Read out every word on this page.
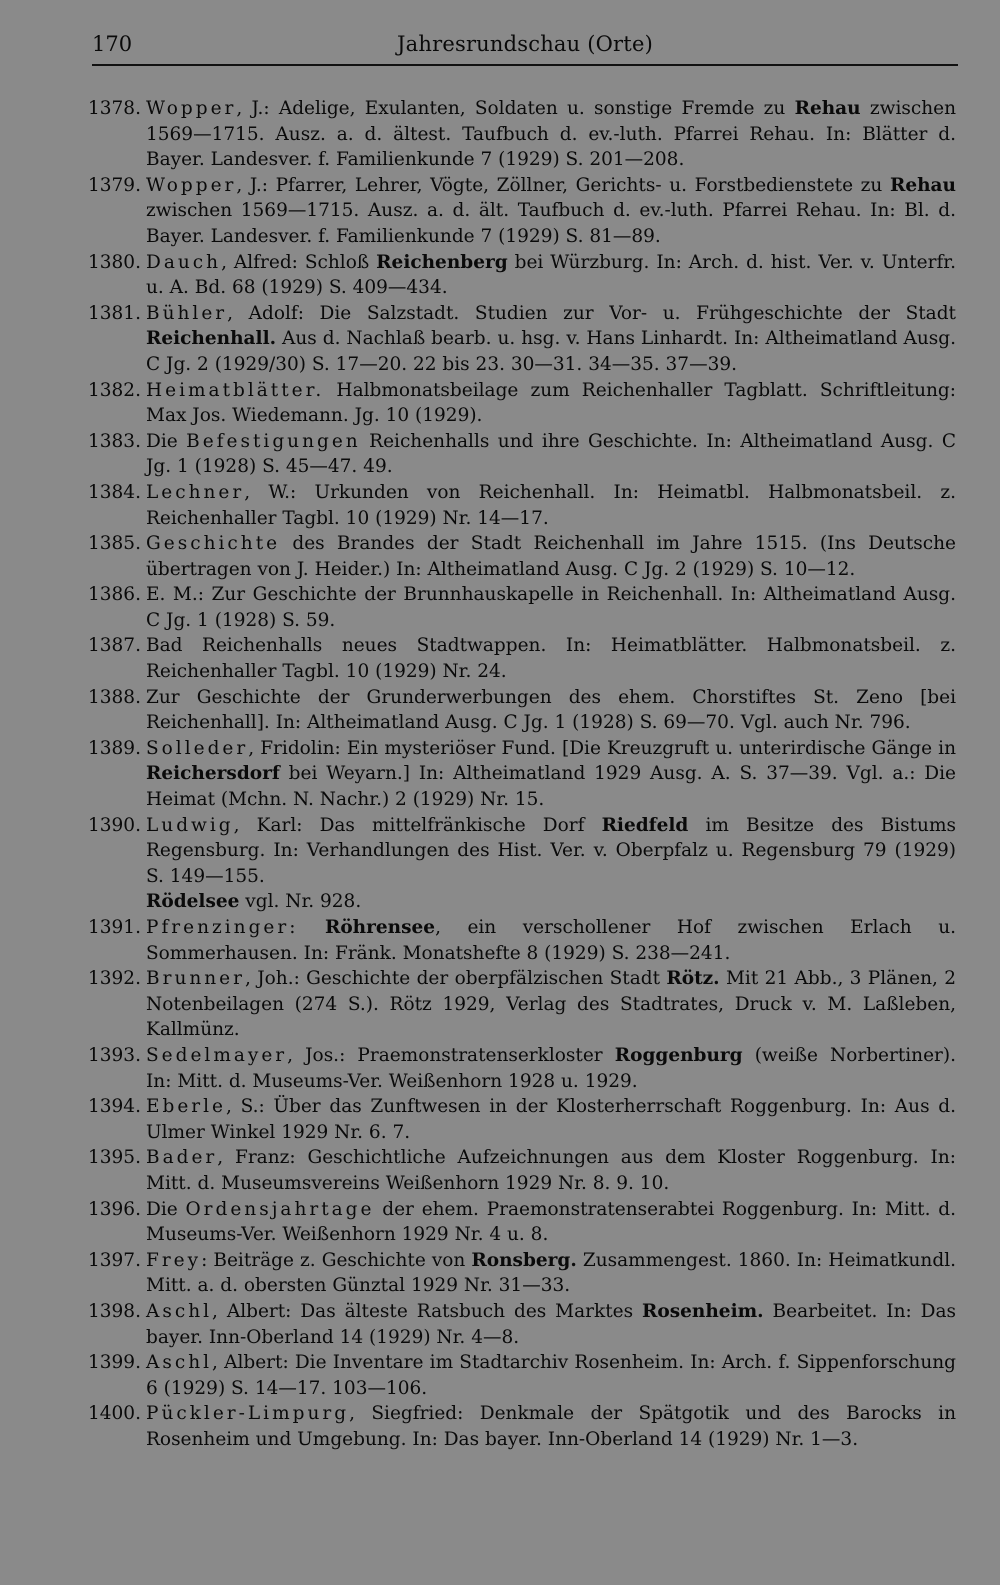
170	Jahresrundschau (Orte)
1378. Wopper, J.: Adelige, Exulanten, Soldaten u. sonstige Fremde zu Rehau zwischen 1569—1715. Ausz. a. d. ältest. Taufbuch d. ev.-luth. Pfarrei Rehau. In: Blätter d. Bayer. Landesver. f. Familienkunde 7 (1929) S. 201—208.
1379. Wopper, J.: Pfarrer, Lehrer, Vögte, Zöllner, Gerichts- u. Forstbedienstete zu Rehau zwischen 1569—1715. Ausz. a. d. ält. Taufbuch d. ev.-luth. Pfarrei Rehau. In: Bl. d. Bayer. Landesver. f. Familienkunde 7 (1929) S. 81—89.
1380. Dauch, Alfred: Schloß Reichenberg bei Würzburg. In: Arch. d. hist. Ver. v. Unterfr. u. A. Bd. 68 (1929) S. 409—434.
1381. Bühler, Adolf: Die Salzstadt. Studien zur Vor- u. Frühgeschichte der Stadt Reichenhall. Aus d. Nachlaß bearb. u. hsg. v. Hans Linhardt. In: Altheimatland Ausg. C Jg. 2 (1929/30) S. 17—20. 22 bis 23. 30—31. 34—35. 37—39.
1382. Heimatblätter. Halbmonatsbeilage zum Reichenhaller Tagblatt. Schriftleitung: Max Jos. Wiedemann. Jg. 10 (1929).
1383. Die Befestigungen Reichenhalls und ihre Geschichte. In: Altheimatland Ausg. C Jg. 1 (1928) S. 45—47. 49.
1384. Lechner, W.: Urkunden von Reichenhall. In: Heimatbl. Halbmonatsbeil. z. Reichenhaller Tagbl. 10 (1929) Nr. 14—17.
1385. Geschichte des Brandes der Stadt Reichenhall im Jahre 1515. (Ins Deutsche übertragen von J. Heider.) In: Altheimatland Ausg. C Jg. 2 (1929) S. 10—12.
1386. E. M.: Zur Geschichte der Brunnhauskapelle in Reichenhall. In: Altheimatland Ausg. C Jg. 1 (1928) S. 59.
1387. Bad Reichenhalls neues Stadtwappen. In: Heimatblätter. Halbmonatsbeil. z. Reichenhaller Tagbl. 10 (1929) Nr. 24.
1388. Zur Geschichte der Grunderwerbungen des ehem. Chorstiftes St. Zeno [bei Reichenhall]. In: Altheimatland Ausg. C Jg. 1 (1928) S. 69—70. Vgl. auch Nr. 796.
1389. Solleder, Fridolin: Ein mysteriöser Fund. [Die Kreuzgruft u. unterirdische Gänge in Reichersdorf bei Weyarn.] In: Altheimatland 1929 Ausg. A. S. 37—39. Vgl. a.: Die Heimat (Mchn. N. Nachr.) 2 (1929) Nr. 15.
1390. Ludwig, Karl: Das mittelfränkische Dorf Riedfeld im Besitze des Bistums Regensburg. In: Verhandlungen des Hist. Ver. v. Oberpfalz u. Regensburg 79 (1929) S. 149—155.
Rödelsee vgl. Nr. 928.
1391. Pfrenzinger: Röhrensee, ein verschollener Hof zwischen Erlach u. Sommerhausen. In: Fränk. Monatshefte 8 (1929) S. 238—241.
1392. Brunner, Joh.: Geschichte der oberpfälzischen Stadt Rötz. Mit 21 Abb., 3 Plänen, 2 Notenbeilagen (274 S.). Rötz 1929, Verlag des Stadtrates, Druck v. M. Laßleben, Kallmünz.
1393. Sedelmayer, Jos.: Praemonstratenserkloster Roggenburg (weiße Norbertiner). In: Mitt. d. Museums-Ver. Weißenhorn 1928 u. 1929.
1394. Eberle, S.: Über das Zunftwesen in der Klosterherrschaft Roggenburg. In: Aus d. Ulmer Winkel 1929 Nr. 6. 7.
1395. Bader, Franz: Geschichtliche Aufzeichnungen aus dem Kloster Roggenburg. In: Mitt. d. Museumsvereins Weißenhorn 1929 Nr. 8. 9. 10.
1396. Die Ordensjahrtage der ehem. Praemonstratenserabtei Roggenburg. In: Mitt. d. Museums-Ver. Weißenhorn 1929 Nr. 4 u. 8.
1397. Frey: Beiträge z. Geschichte von Ronsberg. Zusammengest. 1860. In: Heimatkundl. Mitt. a. d. obersten Günztal 1929 Nr. 31—33.
1398. Aschl, Albert: Das älteste Ratsbuch des Marktes Rosenheim. Bearbeitet. In: Das bayer. Inn-Oberland 14 (1929) Nr. 4—8.
1399. Aschl, Albert: Die Inventare im Stadtarchiv Rosenheim. In: Arch. f. Sippenforschung 6 (1929) S. 14—17. 103—106.
1400. Pückler-Limpurg, Siegfried: Denkmale der Spätgotik und des Barocks in Rosenheim und Umgebung. In: Das bayer. Inn-Oberland 14 (1929) Nr. 1—3.
